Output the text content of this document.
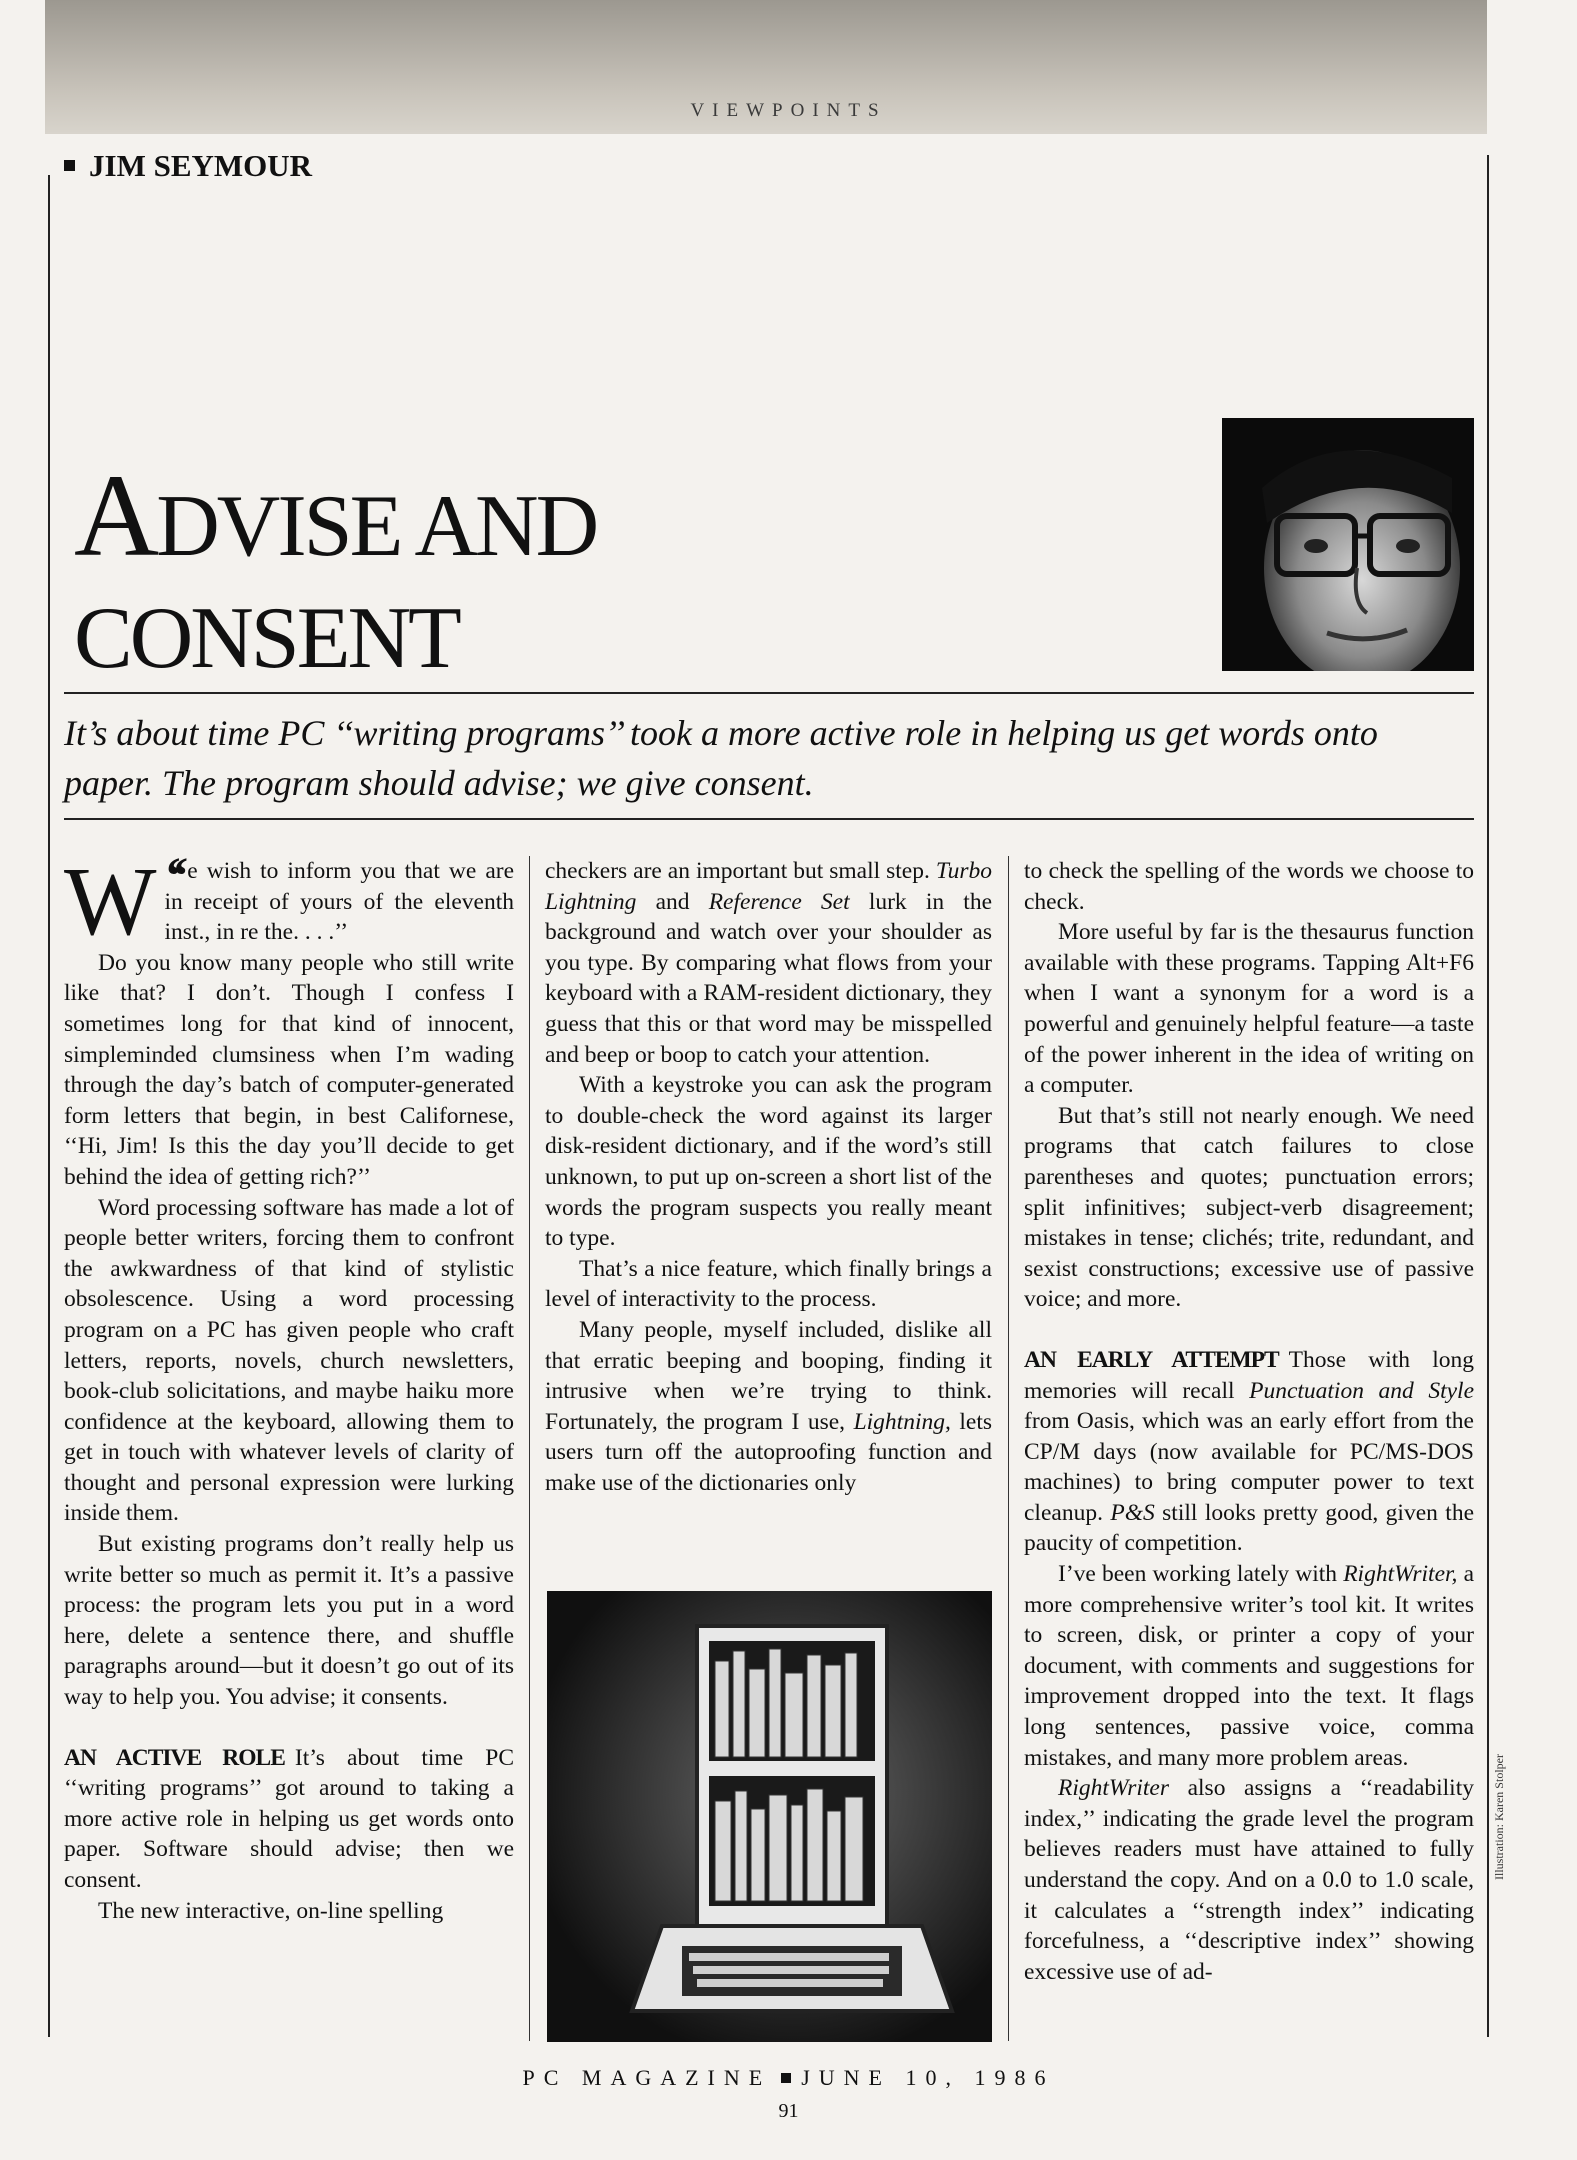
VIEWPOINTS
JIM SEYMOUR
ADVISE AND
CONSENT
It’s about time PC ‘‘writing programs’’ took a more active role in helping us get words onto paper. The program should advise; we give consent.

‘‘
W e wish to inform you that we are in receipt of yours of the eleventh inst., in re the. . . .’’

Do you know many people who still write like that? I don’t. Though I confess I sometimes long for that kind of innocent, simpleminded clumsiness when I’m wading through the day’s batch of computer-generated form letters that begin, in best Californese, ‘‘Hi, Jim! Is this the day you’ll decide to get behind the idea of getting rich?’’

Word processing software has made a lot of people better writers, forcing them to confront the awkwardness of that kind of stylistic obsolescence. Using a word processing program on a PC has given people who craft letters, reports, novels, church newsletters, book-club solicitations, and maybe haiku more confidence at the keyboard, allowing them to get in touch with whatever levels of clarity of thought and personal expression were lurking inside them.

But existing programs don’t really help us write better so much as permit it. It’s a passive process: the program lets you put in a word here, delete a sentence there, and shuffle paragraphs around—but it doesn’t go out of its way to help you. You advise; it consents.

AN ACTIVE ROLE It’s about time PC ‘‘writing programs’’ got around to taking a more active role in helping us get words onto paper. Software should advise; then we consent.

The new interactive, on-line spelling

checkers are an important but small step. Turbo Lightning and Reference Set lurk in the background and watch over your shoulder as you type. By comparing what flows from your keyboard with a RAM-resident dictionary, they guess that this or that word may be misspelled and beep or boop to catch your attention.

With a keystroke you can ask the program to double-check the word against its larger disk-resident dictionary, and if the word’s still unknown, to put up on-screen a short list of the words the program suspects you really meant to type.

That’s a nice feature, which finally brings a level of interactivity to the process.

Many people, myself included, dislike all that erratic beeping and booping, finding it intrusive when we’re trying to think. Fortunately, the program I use, Lightning, lets users turn off the autoproofing function and make use of the dictionaries only

to check the spelling of the words we choose to check.

More useful by far is the thesaurus function available with these programs. Tapping Alt+F6 when I want a synonym for a word is a powerful and genuinely helpful feature—a taste of the power inherent in the idea of writing on a computer.

But that’s still not nearly enough. We need programs that catch failures to close parentheses and quotes; punctuation errors; split infinitives; subject-verb disagreement; mistakes in tense; clichés; trite, redundant, and sexist constructions; excessive use of passive voice; and more.

AN EARLY ATTEMPT Those with long memories will recall Punctuation and Style from Oasis, which was an early effort from the CP/M days (now available for PC/MS-DOS machines) to bring computer power to text cleanup. P&S still looks pretty good, given the paucity of competition.

I’ve been working lately with RightWriter, a more comprehensive writer’s tool kit. It writes to screen, disk, or printer a copy of your document, with comments and suggestions for improvement dropped into the text. It flags long sentences, passive voice, comma mistakes, and many more problem areas.

RightWriter also assigns a ‘‘readability index,’’ indicating the grade level the program believes readers must have attained to fully understand the copy. And on a 0.0 to 1.0 scale, it calculates a ‘‘strength index’’ indicating forcefulness, a ‘‘descriptive index’’ showing excessive use of ad-

Illustration: Karen Stolper
PC MAGAZINE JUNE 10, 1986
91
